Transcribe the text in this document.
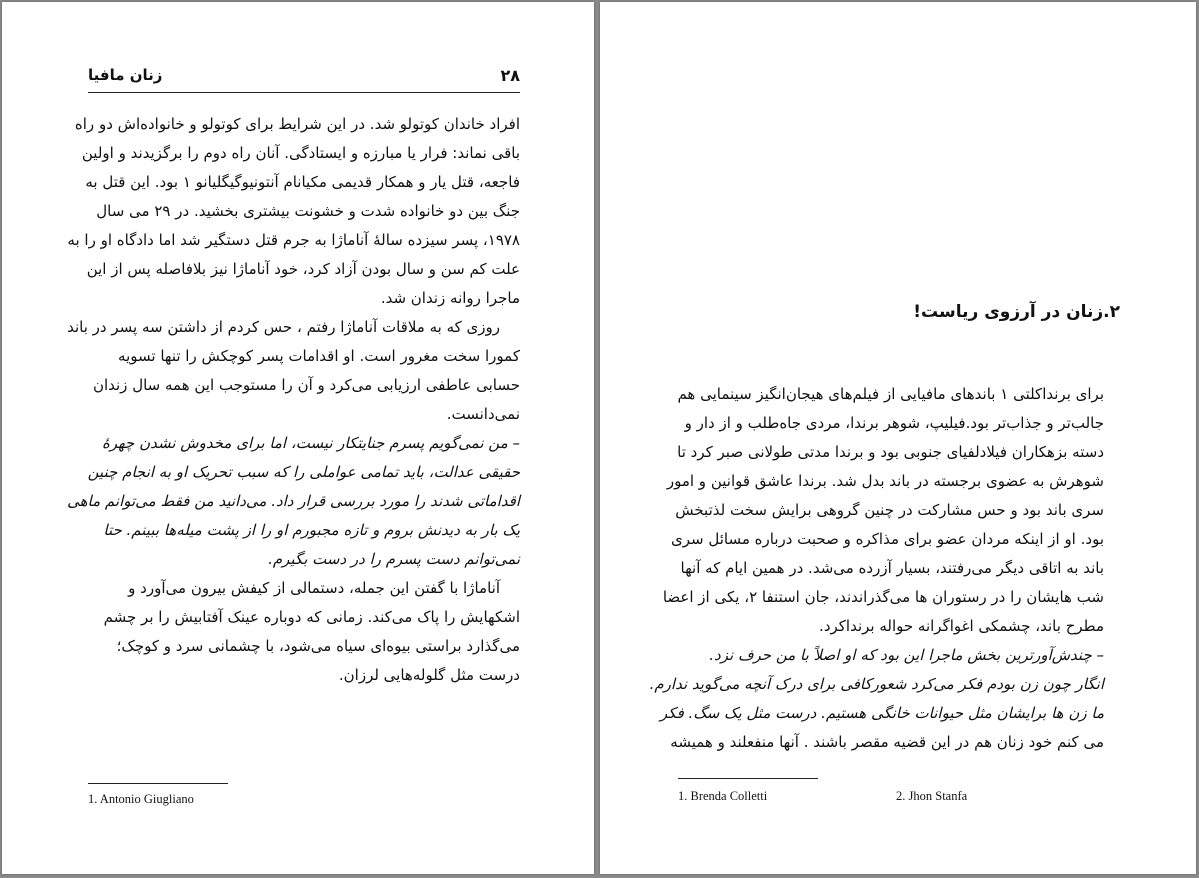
زنان مافیا	۲۸
افراد خاندان کوتولو شد. در این شرایط برای کوتولو و خانواده‌اش دو راه
باقی نماند: فرار یا مبارزه و ایستادگی. آنان راه دوم را برگزیدند و اولین
فاجعه، قتل یار و همکار قدیمی مکیانام آنتونیوگیگلیانو ۱ بود. این قتل به
جنگ بین دو خانواده شدت و خشونت بیشتری بخشید. در ۲۹ می سال
۱۹۷۸، پسر سیزده سالهٔ آناماژا به جرم قتل دستگیر شد اما دادگاه او را به
علت کم سن و سال بودن آزاد کرد، خود آناماژا نیز بلافاصله پس از این
ماجرا روانه زندان شد.
روزی که به ملاقات آناماژا رفتم ، حس کردم از داشتن سه پسر در باند
کمورا سخت مغرور است. او اقدامات پسر کوچکش را تنها تسویه
حسابی عاطفی ارزیابی می‌کرد و آن را مستوجب این همه سال زندان
نمی‌دانست.
– من نمی‌گویم پسرم جنایتکار نیست، اما برای مخدوش نشدن چهرهٔ
حقیقی عدالت، باید تمامی عواملی را که سبب تحریک او به انجام چنین
اقداماتی شدند را مورد بررسی قرار داد. می‌دانید من فقط می‌توانم ماهی
یک بار به دیدنش بروم و تازه مجبورم او را از پشت میله‌ها ببینم. حتا
نمی‌توانم دست پسرم را در دست بگیرم.
آناماژا با گفتن این جمله، دستمالی از کیفش بیرون می‌آورد و
اشکهایش را پاک می‌کند. زمانی که دوباره عینک آفتابیش را بر چشم
می‌گذارد براستی بیوه‌ای سیاه می‌شود، با چشمانی سرد و کوچک؛
درست مثل گلوله‌هایی لرزان.
1. Antonio Giugliano
۲.زنان در آرزوی ریاست!
برای برنداکلتی ۱ باندهای مافیایی از فیلم‌های هیجان‌انگیز سینمایی هم
جالب‌تر و جذاب‌تر بود.فیلیپ، شوهر برندا، مردی جاه‌طلب و از دار و
دسته بزهکاران فیلادلفیای جنوبی بود و برندا مدتی طولانی صبر کرد تا
شوهرش به عضوی برجسته در باند بدل شد. برندا عاشق قوانین و امور
سری باند بود و حس مشارکت در چنین گروهی برایش سخت لذتبخش
بود. او از اینکه مردان عضو برای مذاکره و صحبت درباره مسائل سری
باند به اتاقی دیگر می‌رفتند، بسیار آزرده می‌شد. در همین ایام که آنها
شب هایشان را در رستوران ها می‌گذراندند، جان استنفا ۲، یکی از اعضا
مطرح باند، چشمکی اغواگرانه حواله برنداکرد.
– چندش‌آورترین بخش ماجرا این بود که او اصلاً با من حرف نزد.
انگار چون زن بودم فکر می‌کرد شعورکافی برای درک آنچه می‌گوید ندارم.
ما زن ها برایشان مثل حیوانات خانگی هستیم. درست مثل یک سگ. فکر
می کنم خود زنان هم در این قضیه مقصر باشند . آنها منفعلند و همیشه
1. Brenda Colletti	2. Jhon Stanfa
